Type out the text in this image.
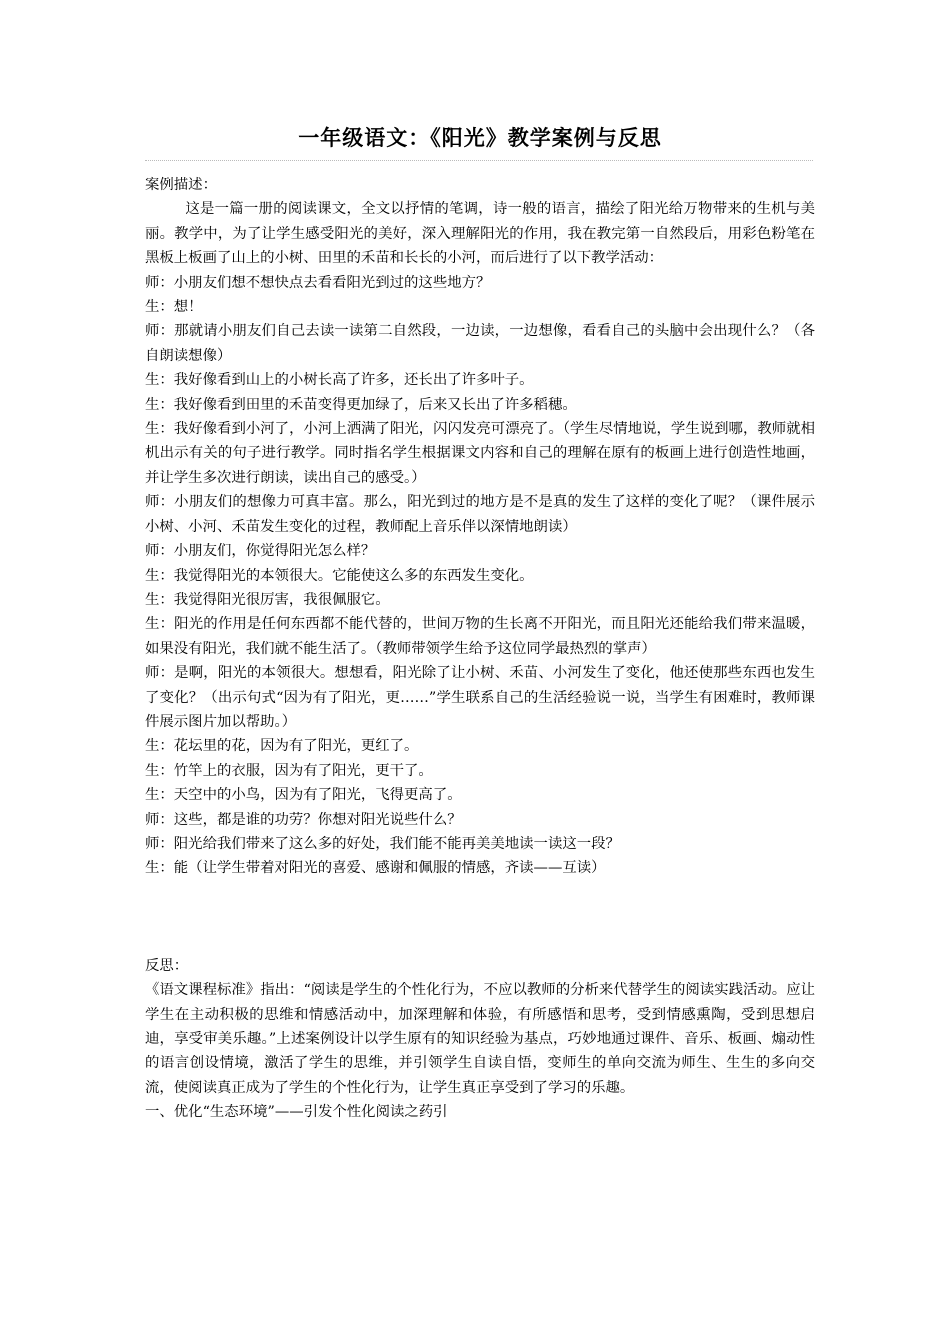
一年级语文：《阳光》教学案例与反思

案例描述：

这是一篇一册的阅读课文，全文以抒情的笔调，诗一般的语言，描绘了阳光给万物带来的生机与美丽。教学中，为了让学生感受阳光的美好，深入理解阳光的作用，我在教完第一自然段后，用彩色粉笔在黑板上板画了山上的小树、田里的禾苗和长长的小河，而后进行了以下教学活动：

师：小朋友们想不想快点去看看阳光到过的这些地方？

生：想！

师：那就请小朋友们自己去读一读第二自然段，一边读，一边想像，看看自己的头脑中会出现什么？（各自朗读想像）

生：我好像看到山上的小树长高了许多，还长出了许多叶子。

生：我好像看到田里的禾苗变得更加绿了，后来又长出了许多稻穗。

生：我好像看到小河了，小河上洒满了阳光，闪闪发亮可漂亮了。（学生尽情地说，学生说到哪，教师就相机出示有关的句子进行教学。同时指名学生根据课文内容和自己的理解在原有的板画上进行创造性地画，并让学生多次进行朗读，读出自己的感受。）

师：小朋友们的想像力可真丰富。那么，阳光到过的地方是不是真的发生了这样的变化了呢？（课件展示小树、小河、禾苗发生变化的过程，教师配上音乐伴以深情地朗读）

师：小朋友们，你觉得阳光怎么样？

生：我觉得阳光的本领很大。它能使这么多的东西发生变化。

生：我觉得阳光很厉害，我很佩服它。

生：阳光的作用是任何东西都不能代替的，世间万物的生长离不开阳光，而且阳光还能给我们带来温暖，如果没有阳光，我们就不能生活了。（教师带领学生给予这位同学最热烈的掌声）

师：是啊，阳光的本领很大。想想看，阳光除了让小树、禾苗、小河发生了变化，他还使那些东西也发生了变化？（出示句式“因为有了阳光，更……”学生联系自己的生活经验说一说，当学生有困难时，教师课件展示图片加以帮助。）

生：花坛里的花，因为有了阳光，更红了。

生：竹竿上的衣服，因为有了阳光，更干了。

生：天空中的小鸟，因为有了阳光，飞得更高了。

师：这些，都是谁的功劳？你想对阳光说些什么？

师：阳光给我们带来了这么多的好处，我们能不能再美美地读一读这一段？

生：能（让学生带着对阳光的喜爱、感谢和佩服的情感，齐读——互读）

反思：

《语文课程标准》指出：“阅读是学生的个性化行为，不应以教师的分析来代替学生的阅读实践活动。应让学生在主动积极的思维和情感活动中，加深理解和体验，有所感悟和思考，受到情感熏陶，受到思想启迪，享受审美乐趣。”上述案例设计以学生原有的知识经验为基点，巧妙地通过课件、音乐、板画、煽动性的语言创设情境，激活了学生的思维，并引领学生自读自悟，变师生的单向交流为师生、生生的多向交流，使阅读真正成为了学生的个性化行为，让学生真正享受到了学习的乐趣。

一、优化“生态环境”——引发个性化阅读之药引
